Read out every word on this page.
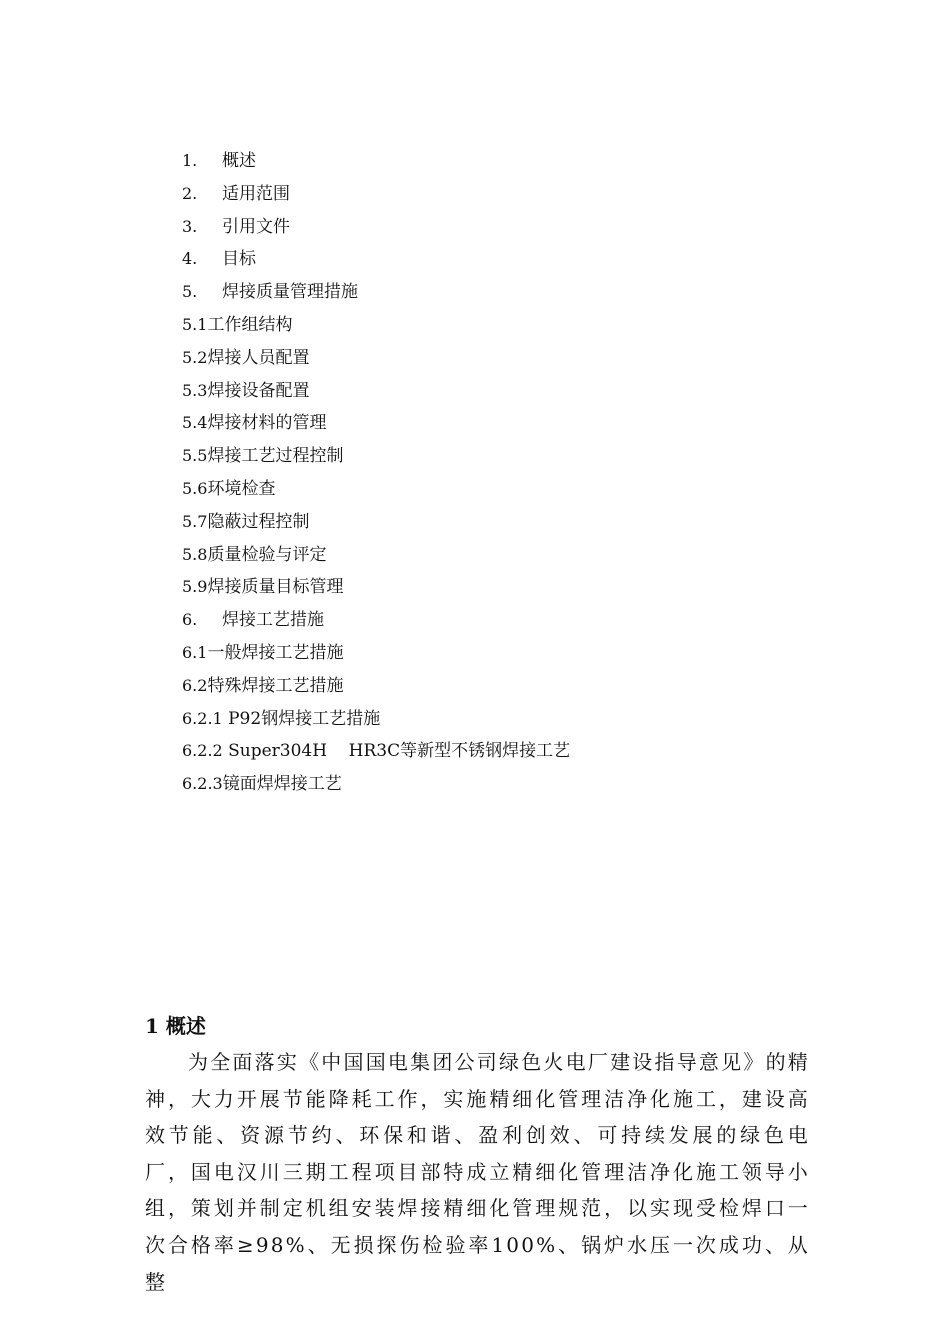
1. 概述
2. 适用范围
3. 引用文件
4. 目标
5. 焊接质量管理措施
5.1工作组结构
5.2焊接人员配置
5.3焊接设备配置
5.4焊接材料的管理
5.5焊接工艺过程控制
5.6环境检查
5.7隐蔽过程控制
5.8质量检验与评定
5.9焊接质量目标管理
6. 焊接工艺措施
6.1一般焊接工艺措施
6.2特殊焊接工艺措施
6.2.1 P92钢焊接工艺措施
6.2.2 Super304H    HR3C等新型不锈钢焊接工艺
6.2.3镜面焊焊接工艺
1 概述

为全面落实《中国国电集团公司绿色火电厂建设指导意见》的精神，大力开展节能降耗工作，实施精细化管理洁净化施工，建设高效节能、资源节约、环保和谐、盈利创效、可持续发展的绿色电厂，国电汉川三期工程项目部特成立精细化管理洁净化施工领导小组，策划并制定机组安装焊接精细化管理规范，以实现受检焊口一次合格率≥98%、无损探伤检验率100%、锅炉水压一次成功、从整
